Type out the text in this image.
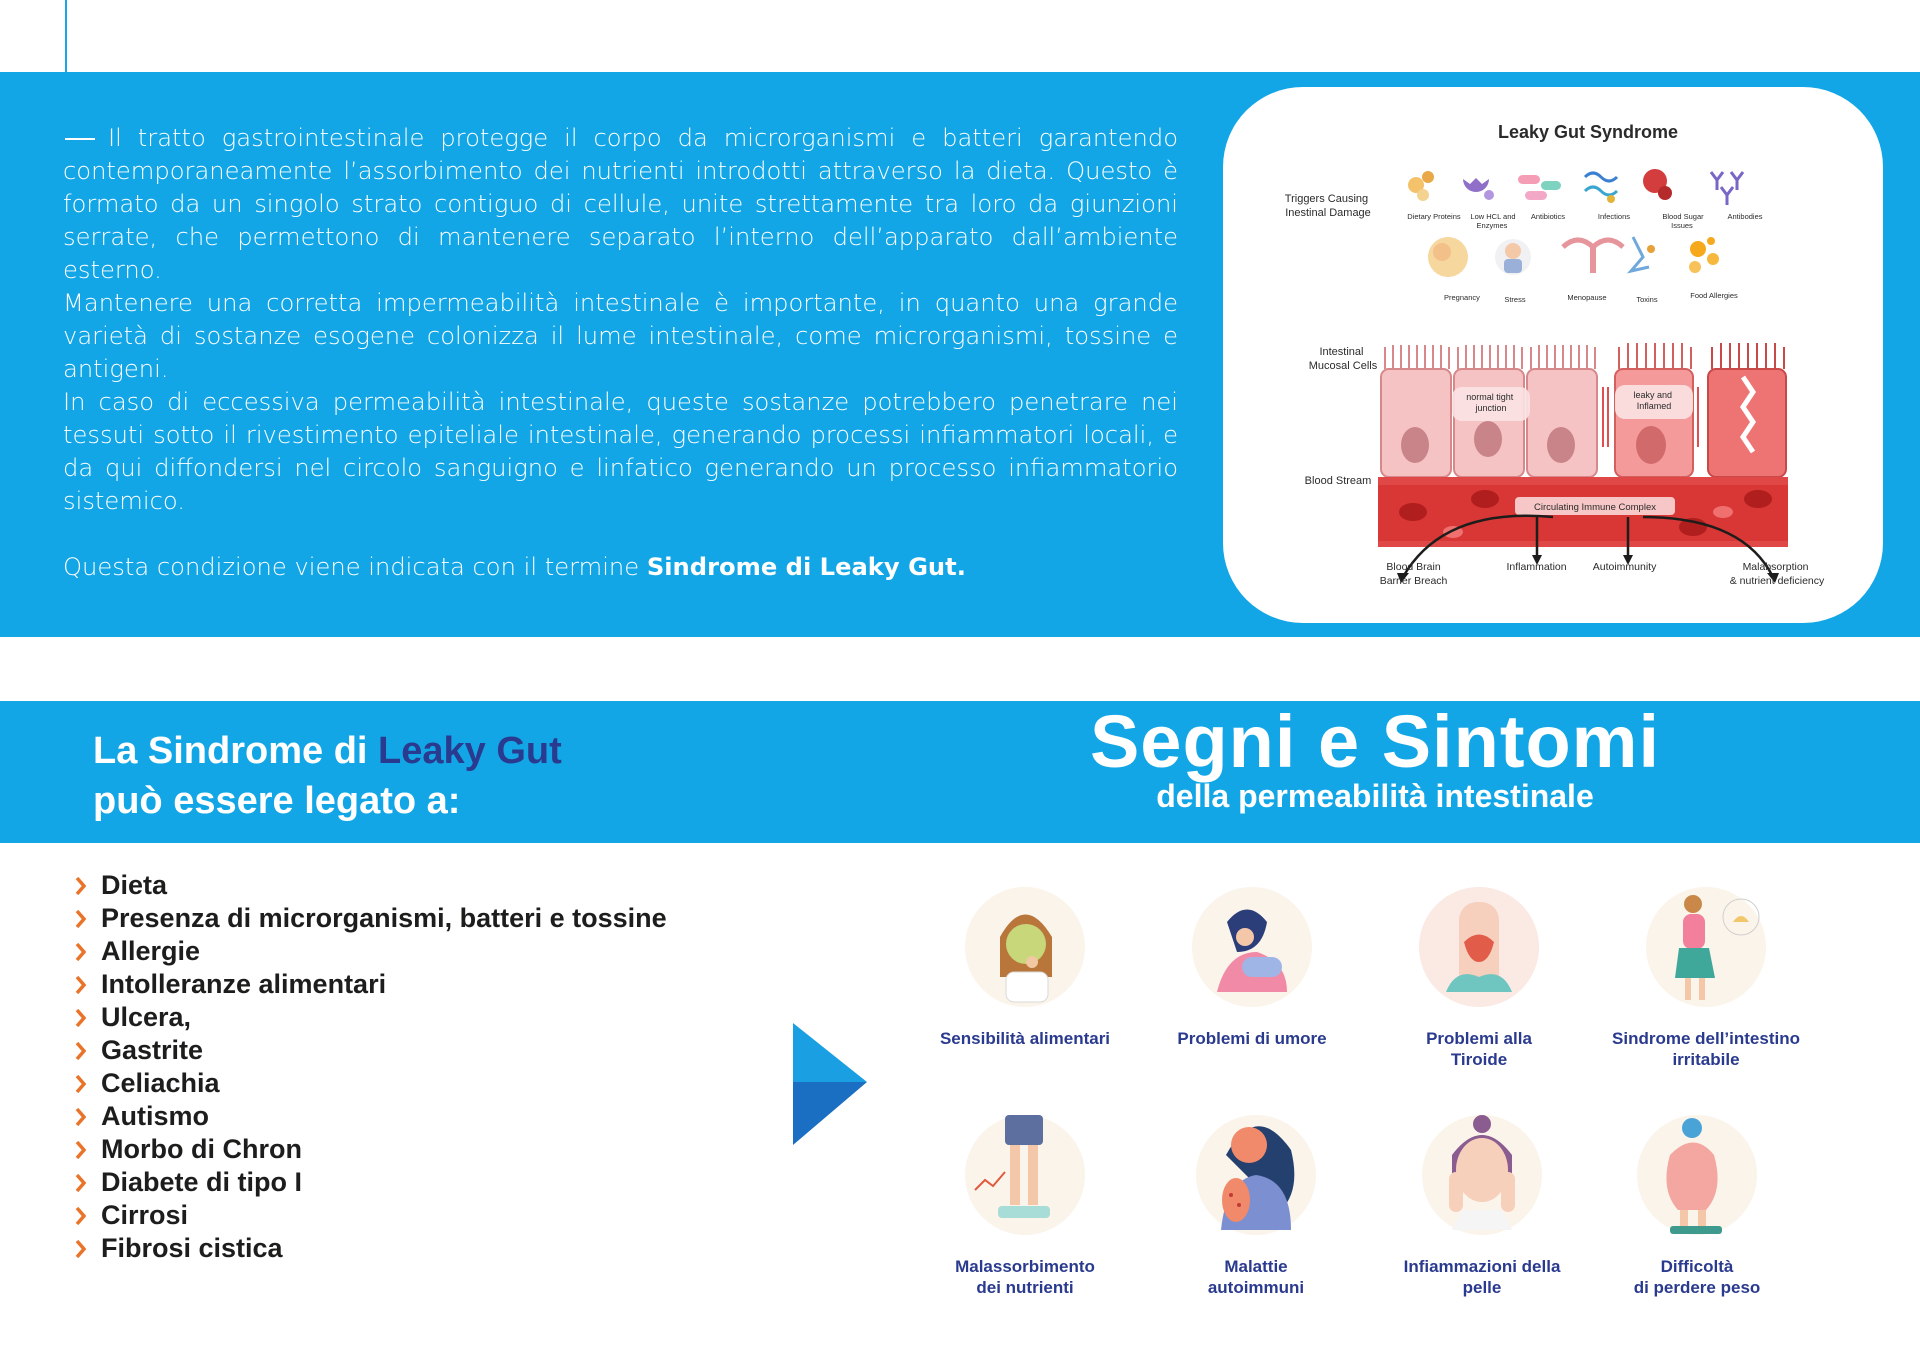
Il tratto gastrointestinale protegge il corpo da microrganismi e batteri garantendo contemporaneamente l’assorbimento dei nutrienti introdotti attraverso la dieta. Questo è formato da un singolo strato contiguo di cellule, unite strettamente tra loro da giunzioni serrate, che permettono di mantenere separato l’interno dell’apparato dall’ambiente esterno.

Mantenere una corretta impermeabilità intestinale è importante, in quanto una grande varietà di sostanze esogene colonizza il lume intestinale, come microrganismi, tossine e antigeni.

In caso di eccessiva permeabilità intestinale, queste sostanze potrebbero penetrare nei tessuti sotto il rivestimento epiteliale intestinale, generando processi infiammatori locali, e da qui diffondersi nel circolo sanguigno e linfatico generando un processo infiammatorio sistemico.

Questa condizione viene indicata con il termine Sindrome di Leaky Gut.

Leaky Gut Syndrome
Triggers Causing Inestinal Damage	Dietary Proteins Low HCL and Enzymes Antibiotics	Infections	Blood Sugar Issues Antibodies
Pregnancy	Stress	Menopause	Toxins	Food Allergies
Intestinal Mucosal Cells
normal tight junction
leaky and Inflamed
Blood Stream
Circulating Immune Complex
Blood Brain Barrier Breach Inflammation Autoimmunity	Malabsorption & nutrient deficiency
La Sindrome di Leaky Gut
può essere legato a:
Segni e Sintomi
della permeabilità intestinale
Dieta
Presenza di microrganismi, batteri e tossine
Allergie
Intolleranze alimentari
Ulcera,
Gastrite
Celiachia
Autismo
Morbo di Chron
Diabete di tipo I
Cirrosi
Fibrosi cistica
Sensibilità alimentari	Problemi di umore	Problemi alla
Tiroide
Sindrome dell’intestino
irritabile
Malassorbimento
dei nutrienti
Malattie
autoimmuni
Infiammazioni della
pelle
Difficoltà
di perdere peso
